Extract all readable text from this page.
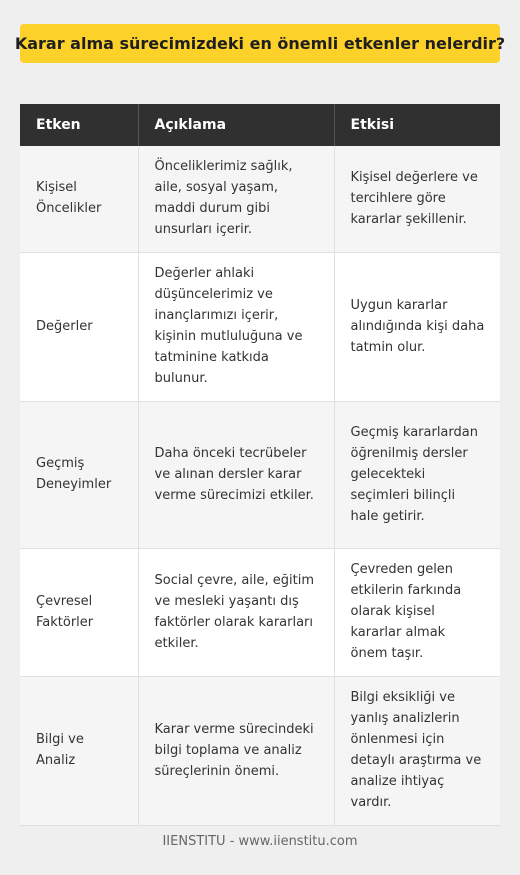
Karar alma sürecimizdeki en önemli etkenler nelerdir?
Etken	Açıklama	Etkisi
Kişisel Öncelikler	Önceliklerimiz sağlık, aile, sosyal yaşam, maddi durum gibi unsurları içerir.	Kişisel değerlere ve tercihlere göre kararlar şekillenir.
Değerler	Değerler ahlaki düşüncelerimiz ve inançlarımızı içerir, kişinin mutluluğuna ve tatminine katkıda bulunur.	Uygun kararlar alındığında kişi daha tatmin olur.
Geçmiş Deneyimler	Daha önceki tecrübeler ve alınan dersler karar verme sürecimizi etkiler.	Geçmiş kararlardan öğrenilmiş dersler gelecekteki seçimleri bilinçli hale getirir.
Çevresel Faktörler	Social çevre, aile, eğitim ve mesleki yaşantı dış faktörler olarak kararları etkiler.	Çevreden gelen etkilerin farkında olarak kişisel kararlar almak önem taşır.
Bilgi ve Analiz	Karar verme sürecindeki bilgi toplama ve analiz süreçlerinin önemi.	Bilgi eksikliği ve yanlış analizlerin önlenmesi için detaylı araştırma ve analize ihtiyaç vardır.
IIENSTITU - www.iienstitu.com
